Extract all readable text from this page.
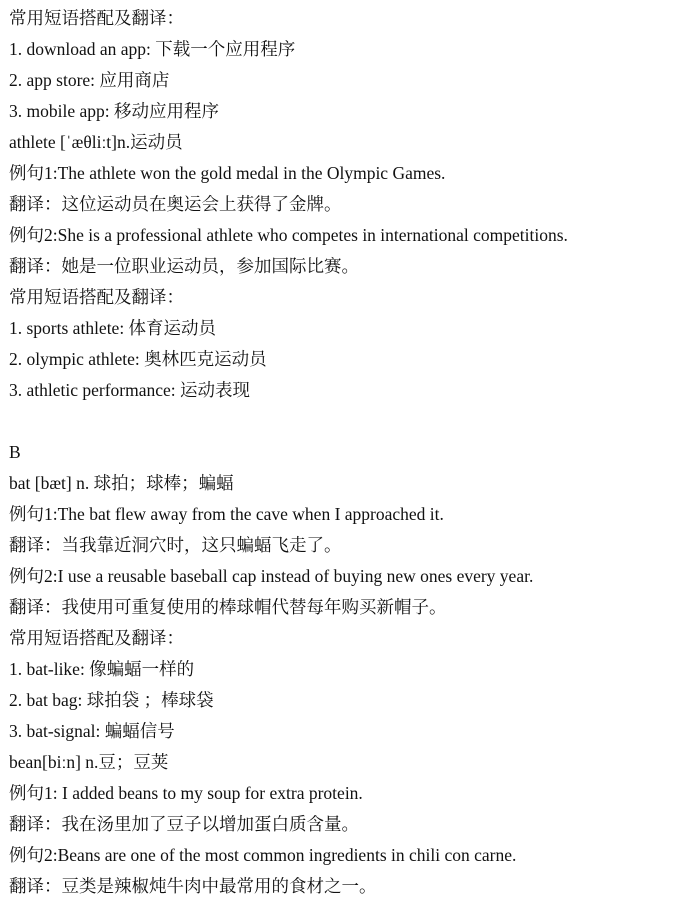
常用短语搭配及翻译：
1. download an app: 下载一个应用程序
2. app store: 应用商店
3. mobile app: 移动应用程序
athlete [ˈæθliːt]n.运动员
例句1:The athlete won the gold medal in the Olympic Games.
翻译：这位运动员在奥运会上获得了金牌。
例句2:She is a professional athlete who competes in international competitions.
翻译：她是一位职业运动员，参加国际比赛。
常用短语搭配及翻译：
1. sports athlete: 体育运动员
2. olympic athlete: 奥林匹克运动员
3. athletic performance: 运动表现
B
bat [bæt] n. 球拍；球棒；蝙蝠
例句1:The bat flew away from the cave when I approached it.
翻译：当我靠近洞穴时，这只蝙蝠飞走了。
例句2:I use a reusable baseball cap instead of buying new ones every year.
翻译：我使用可重复使用的棒球帽代替每年购买新帽子。
常用短语搭配及翻译：
1. bat-like: 像蝙蝠一样的
2. bat bag: 球拍袋 ；棒球袋
3. bat-signal: 蝙蝠信号
bean[biːn] n.豆；豆荚
例句1: I added beans to my soup for extra protein.
翻译：我在汤里加了豆子以增加蛋白质含量。
例句2:Beans are one of the most common ingredients in chili con carne.
翻译：豆类是辣椒炖牛肉中最常用的食材之一。
